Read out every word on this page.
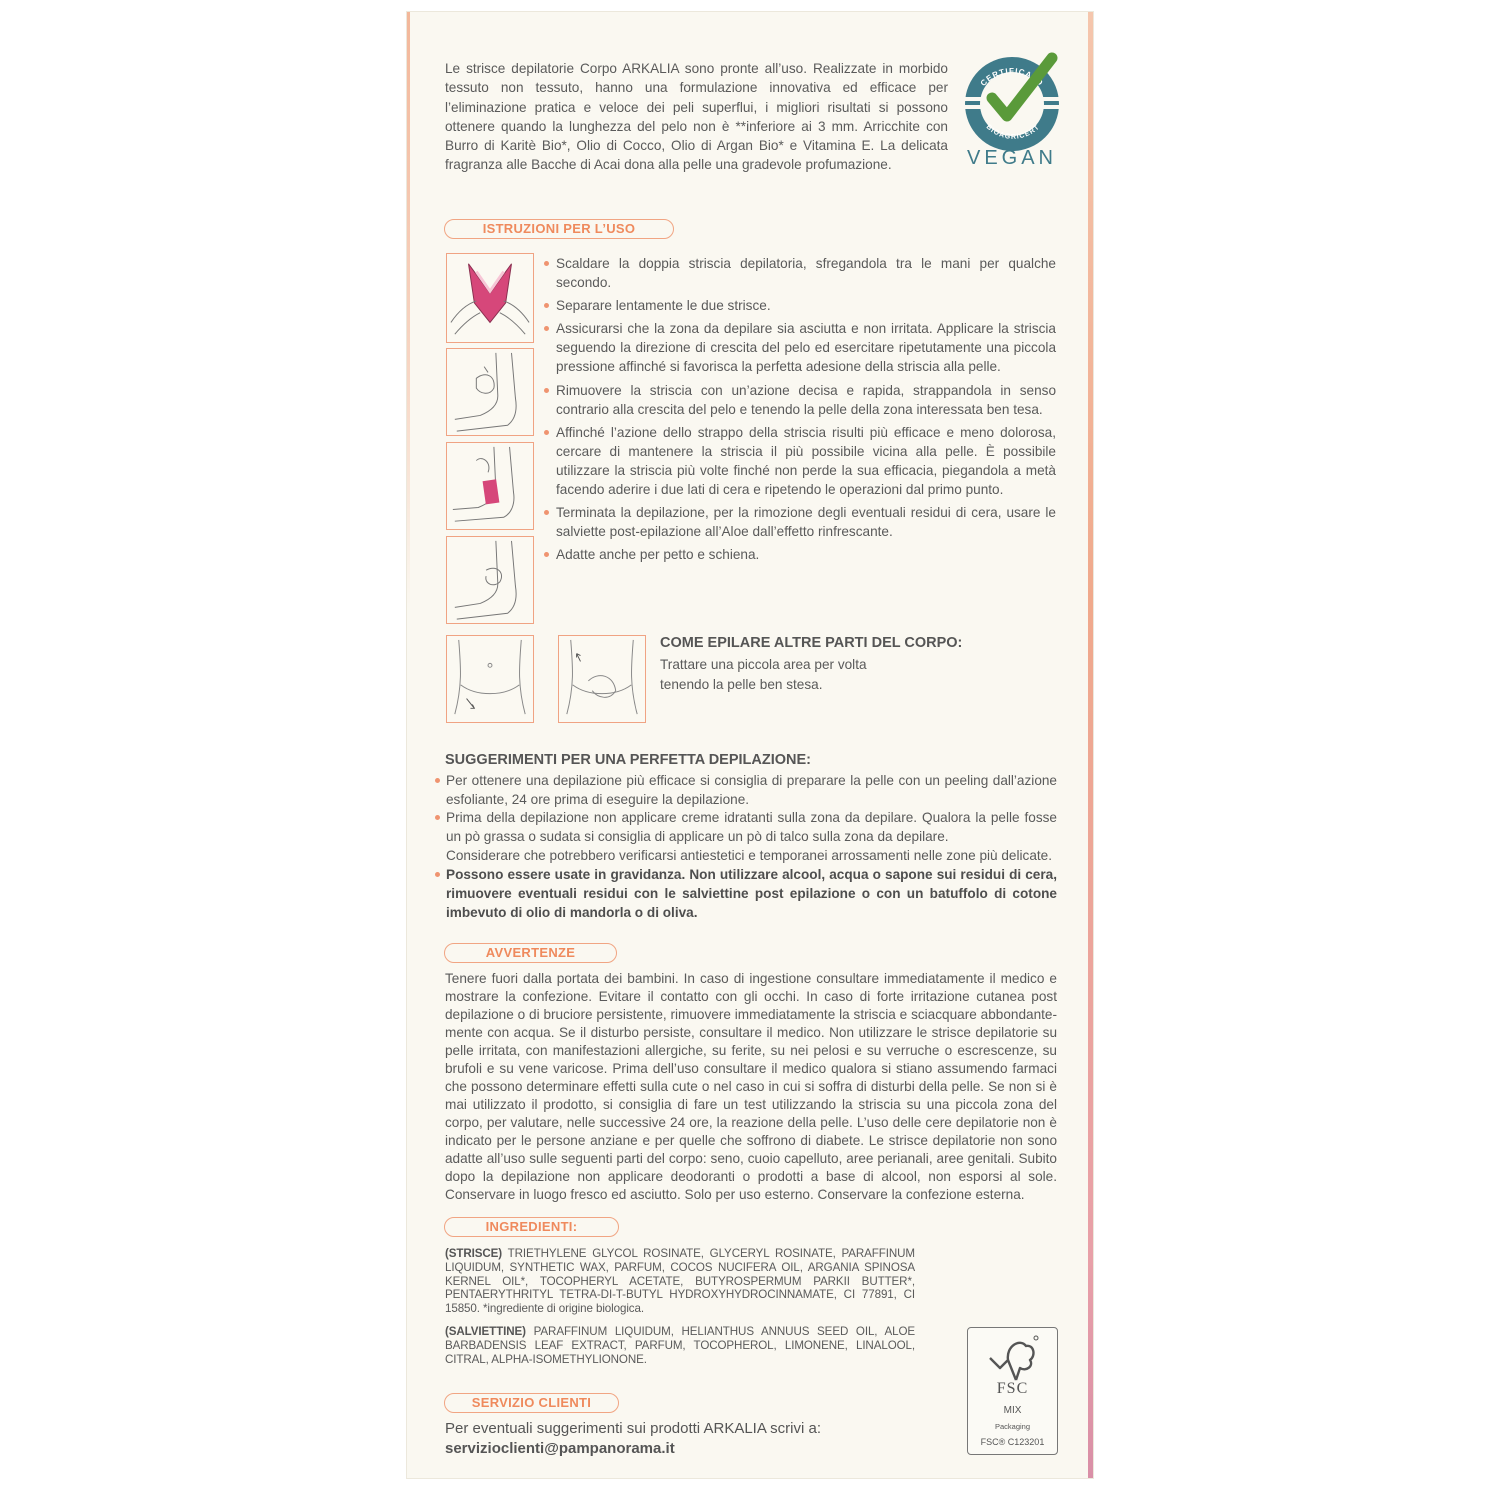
Le strisce depilatorie Corpo ARKALIA sono pronte all’uso. Realizzate in morbido tessuto non tessuto, hanno una formulazione innovativa ed efficace per l’eliminazione pratica e veloce dei peli superflui, i migliori risultati si possono ottenere quando la lunghezza del pelo non è **inferiore ai 3 mm. Arricchite con Burro di Karitè Bio*, Olio di Cocco, Olio di Argan Bio* e Vitamina E. La delicata fragranza alle Bacche di Acai dona alla pelle una gradevole profumazione.
CERTIFICATO
BIOAGRICERT
VEGAN
ISTRUZIONI PER L’USO
Scaldare la doppia striscia depilatoria, sfregandola tra le mani per qualche secondo.
Separare lentamente le due strisce.
Assicurarsi che la zona da depilare sia asciutta e non irritata. Applicare la striscia seguendo la direzione di crescita del pelo ed esercitare ripetutamente una piccola pressione affinché si favorisca la perfetta adesione della striscia alla pelle.
Rimuovere la striscia con un’azione decisa e rapida, strappandola in senso contrario alla crescita del pelo e tenendo la pelle della zona interessata ben tesa.
Affinché l’azione dello strappo della striscia risulti più efficace e meno dolorosa, cercare di mantenere la striscia il più possibile vicina alla pelle. È possibile utilizzare la striscia più volte finché non perde la sua efficacia, piegandola a metà facendo aderire i due lati di cera e ripetendo le operazioni dal primo punto.
Terminata la depilazione, per la rimozione degli eventuali residui di cera, usare le salviette post-epilazione all’Aloe dall’effetto rinfrescante.
Adatte anche per petto e schiena.
COME EPILARE ALTRE PARTI DEL CORPO:
Trattare una piccola area per volta
tenendo la pelle ben stesa.
SUGGERIMENTI PER UNA PERFETTA DEPILAZIONE:
Per ottenere una depilazione più efficace si consiglia di preparare la pelle con un peeling dall’azione esfoliante, 24 ore prima di eseguire la depilazione.
Prima della depilazione non applicare creme idratanti sulla zona da depilare. Qualora la pelle fosse un pò grassa o sudata si consiglia di applicare un pò di talco sulla zona da depilare.
Considerare che potrebbero verificarsi antiestetici e temporanei arrossamenti nelle zone più delicate.
Possono essere usate in gravidanza. Non utilizzare alcool, acqua o sapone sui residui di cera, rimuovere eventuali residui con le salviettine post epilazione o con un batuffolo di cotone imbevuto di olio di mandorla o di oliva.
AVVERTENZE
Tenere fuori dalla portata dei bambini. In caso di ingestione consultare immediatamente il medico e mostrare la confezione. Evitare il contatto con gli occhi. In caso di forte irritazione cutanea post depilazione o di bruciore persistente, rimuovere immediatamente la striscia e sciacquare abbondante-mente con acqua. Se il disturbo persiste, consultare il medico. Non utilizzare le strisce depilatorie su pelle irritata, con manifestazioni allergiche, su ferite, su nei pelosi e su verruche o escrescenze, su brufoli e su vene varicose. Prima dell’uso consultare il medico qualora si stiano assumendo farmaci che possono determinare effetti sulla cute o nel caso in cui si soffra di disturbi della pelle. Se non si è mai utilizzato il prodotto, si consiglia di fare un test utilizzando la striscia su una piccola zona del corpo, per valutare, nelle successive 24 ore, la reazione della pelle. L’uso delle cere depilatorie non è indicato per le persone anziane e per quelle che soffrono di diabete. Le strisce depilatorie non sono adatte all’uso sulle seguenti parti del corpo: seno, cuoio capelluto, aree perianali, aree genitali. Subito dopo la depilazione non applicare deodoranti o prodotti a base di alcool, non esporsi al sole. Conservare in luogo fresco ed asciutto. Solo per uso esterno. Conservare la confezione esterna.
INGREDIENTI:
(STRISCE) TRIETHYLENE GLYCOL ROSINATE, GLYCERYL ROSINATE, PARAFFINUM LIQUIDUM, SYNTHETIC WAX, PARFUM, COCOS NUCIFERA OIL, ARGANIA SPINOSA KERNEL OIL*, TOCOPHERYL ACETATE, BUTYROSPERMUM PARKII BUTTER*, PENTAERYTHRITYL TETRA-DI-T-BUTYL HYDROXYHYDROCINNAMATE, CI 77891, CI 15850. *ingrediente di origine biologica.
(SALVIETTINE) PARAFFINUM LIQUIDUM, HELIANTHUS ANNUUS SEED OIL, ALOE BARBADENSIS LEAF EXTRACT, PARFUM, TOCOPHEROL, LIMONENE, LINALOOL, CITRAL, ALPHA-ISOMETHYLIONONE.
FSC
MIX
Packaging
FSC® C123201
SERVIZIO CLIENTI
Per eventuali suggerimenti sui prodotti ARKALIA scrivi a:
servizioclienti@pampanorama.it
